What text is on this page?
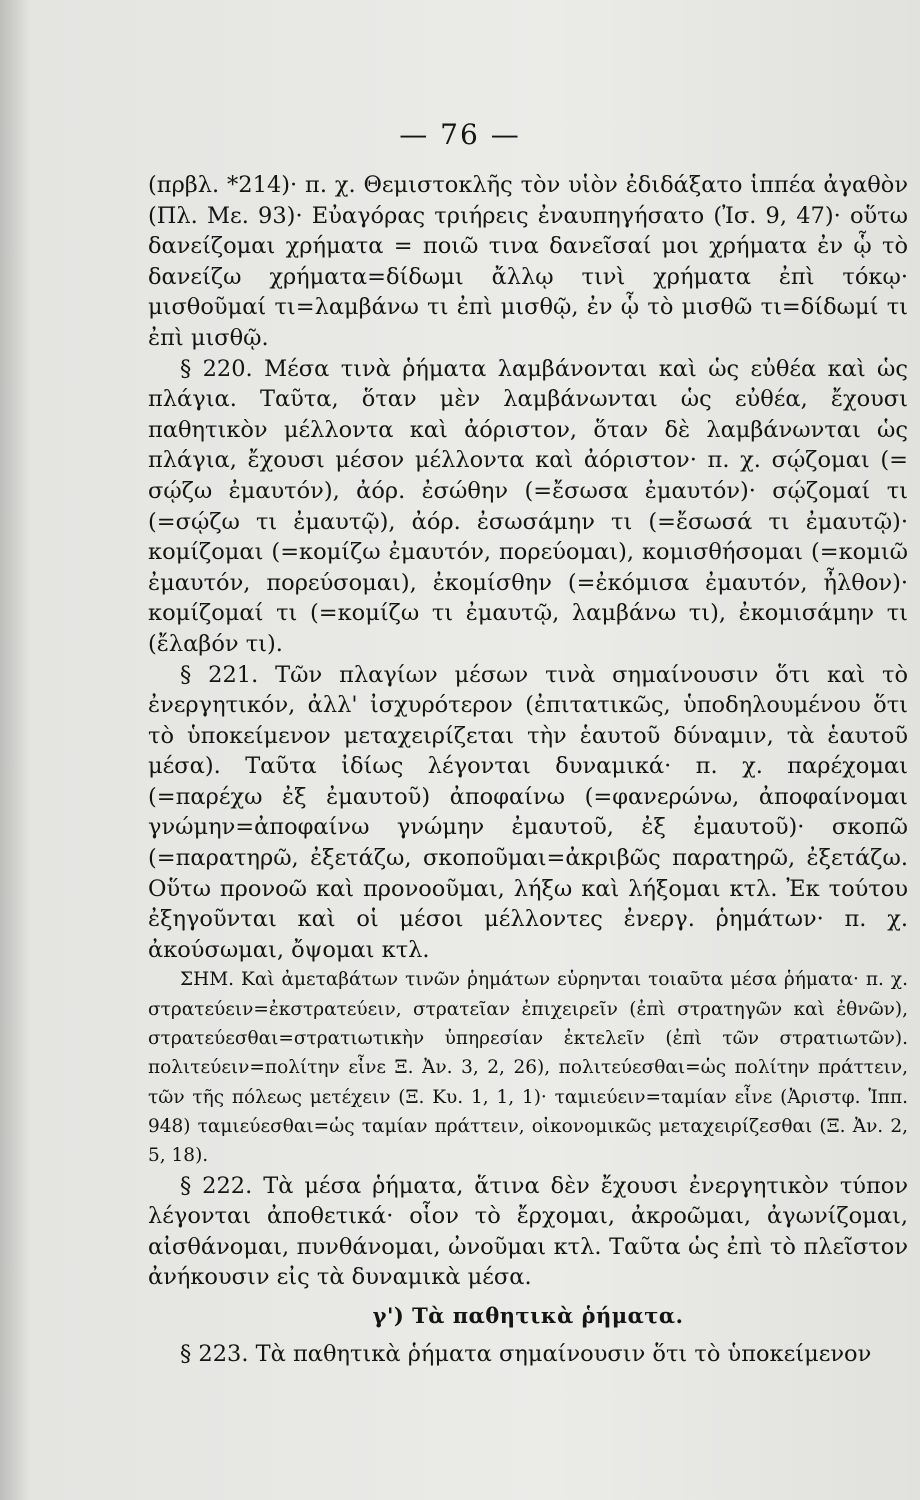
— 76 —

(πρβλ. *214)· π. χ. Θεμιστοκλῆς τὸν υἱὸν ἐδιδάξατο ἱππέα ἀγαθὸν (Πλ. Με. 93)· Εὐαγόρας τριήρεις ἐναυπηγήσατο (Ἰσ. 9, 47)· οὕτω δανείζομαι χρήματα = ποιῶ τινα δανεῖσαί μοι χρήματα ἐν ᾧ τὸ δανείζω χρήματα=δίδωμι ἄλλῳ τινὶ χρήματα ἐπὶ τόκῳ· μισθοῦμαί τι=λαμβάνω τι ἐπὶ μισθῷ, ἐν ᾧ τὸ μισθῶ τι=δίδωμί τι ἐπὶ μισθῷ.

§ 220. Μέσα τινὰ ῥήματα λαμβάνονται καὶ ὡς εὐθέα καὶ ὡς πλάγια. Ταῦτα, ὅταν μὲν λαμβάνωνται ὡς εὐθέα, ἔχουσι παθητικὸν μέλλοντα καὶ ἀόριστον, ὅταν δὲ λαμβάνωνται ὡς πλάγια, ἔχουσι μέσον μέλλοντα καὶ ἀόριστον· π. χ. σῴζομαι (= σῴζω ἐμαυτόν), ἀόρ. ἐσώθην (=ἔσωσα ἐμαυτόν)· σῴζομαί τι (=σῴζω τι ἐμαυτῷ), ἀόρ. ἐσωσάμην τι (=ἔσωσά τι ἐμαυτῷ)· κομίζομαι (=κομίζω ἐμαυτόν, πορεύομαι), κομισθήσομαι (=κομιῶ ἐμαυτόν, πορεύσομαι), ἐκομίσθην (=ἐκόμισα ἐμαυτόν, ἦλθον)· κομίζομαί τι (=κομίζω τι ἐμαυτῷ, λαμβάνω τι), ἐκομισάμην τι (ἔλαβόν τι).

§ 221. Τῶν πλαγίων μέσων τινὰ σημαίνουσιν ὅτι καὶ τὸ ἐνεργητικόν, ἀλλ' ἰσχυρότερον (ἐπιτατικῶς, ὑποδηλουμένου ὅτι τὸ ὑποκείμενον μεταχειρίζεται τὴν ἑαυτοῦ δύναμιν, τὰ ἑαυτοῦ μέσα). Ταῦτα ἰδίως λέγονται δυναμικά· π. χ. παρέχομαι (=παρέχω ἐξ ἐμαυτοῦ) ἀποφαίνω (=φανερώνω, ἀποφαίνομαι γνώμην=ἀποφαίνω γνώμην ἐμαυτοῦ, ἐξ ἐμαυτοῦ)· σκοπῶ (=παρατηρῶ, ἐξετάζω, σκοποῦμαι=ἀκριβῶς παρατηρῶ, ἐξετάζω. Οὕτω προνοῶ καὶ προνοοῦμαι, λήξω καὶ λήξομαι κτλ. Ἐκ τούτου ἐξηγοῦνται καὶ οἱ μέσοι μέλλοντες ἐνεργ. ῥημάτων· π. χ. ἀκούσωμαι, ὄψομαι κτλ.

ΣΗΜ. Καὶ ἀμεταβάτων τινῶν ῥημάτων εὑρηνται τοιαῦτα μέσα ῥήματα· π. χ. στρατεύειν=ἐκστρατεύειν, στρατεῖαν ἐπιχειρεῖν (ἐπὶ στρατηγῶν καὶ ἐθνῶν), στρατεύεσθαι=στρατιωτικὴν ὑπηρεσίαν ἐκτελεῖν (ἐπὶ τῶν στρατιωτῶν). πολιτεύειν=πολίτην εἶνε Ξ. Ἀν. 3, 2, 26), πολιτεύεσθαι=ὡς πολίτην πράττειν, τῶν τῆς πόλεως μετέχειν (Ξ. Κυ. 1, 1, 1)· ταμιεύειν=ταμίαν εἶνε (Ἀριστφ. Ἱππ. 948) ταμιεύεσθαι=ὡς ταμίαν πράττειν, οἰκονομικῶς μεταχειρίζεσθαι (Ξ. Ἀν. 2, 5, 18).

§ 222. Τὰ μέσα ῥήματα, ἅτινα δὲν ἔχουσι ἐνεργητικὸν τύπον λέγονται ἀποθετικά· οἷον τὸ ἔρχομαι, ἀκροῶμαι, ἀγωνίζομαι, αἰσθάνομαι, πυνθάνομαι, ὠνοῦμαι κτλ. Ταῦτα ὡς ἐπὶ τὸ πλεῖστον ἀνήκουσιν εἰς τὰ δυναμικὰ μέσα.

γ') Τὰ παθητικὰ ῥήματα.

§ 223. Τὰ παθητικὰ ῥήματα σημαίνουσιν ὅτι τὸ ὑποκείμενον
